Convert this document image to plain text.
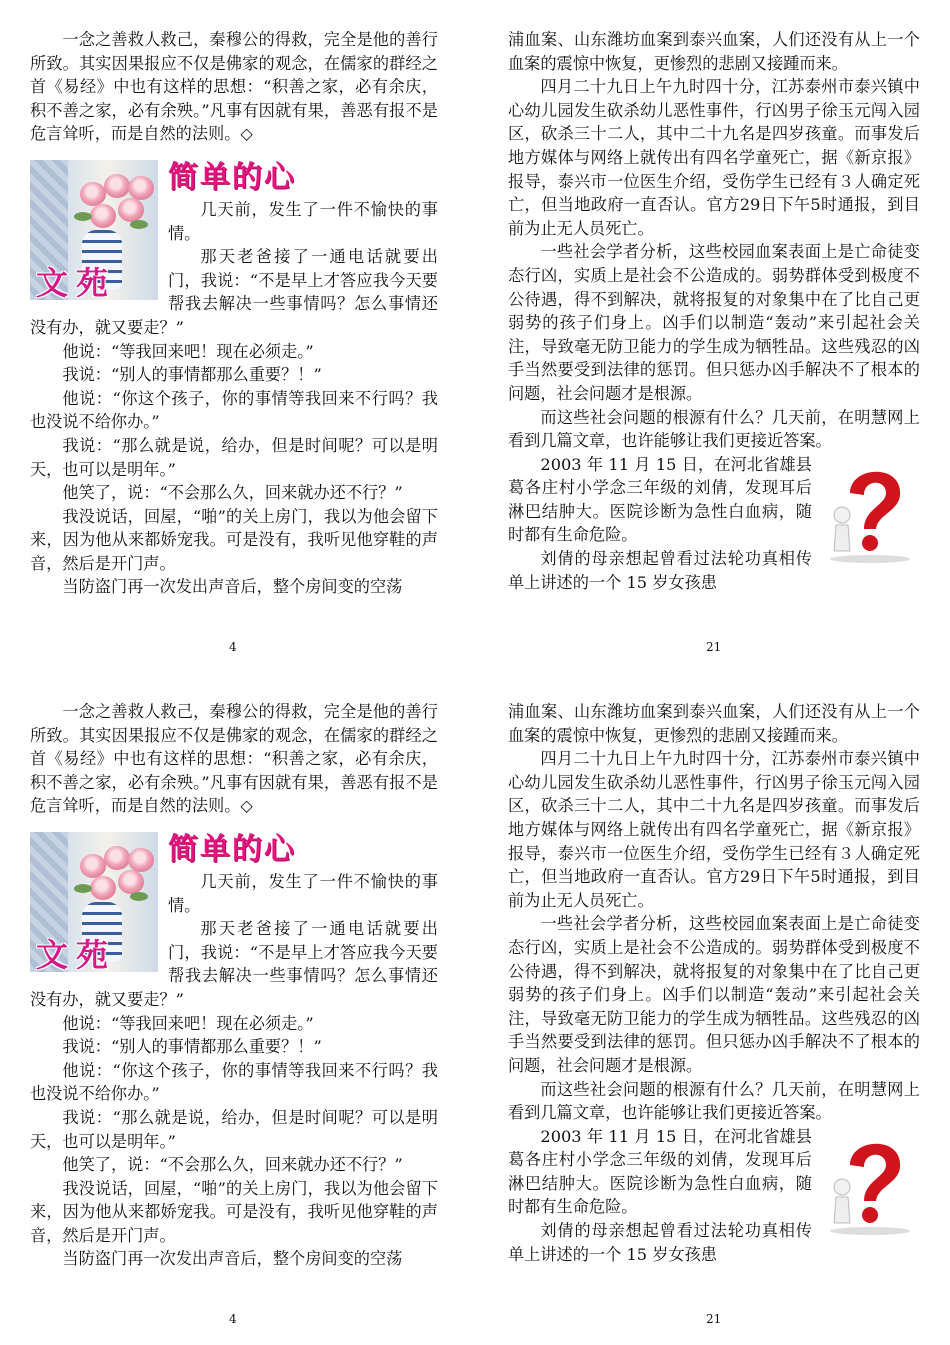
一念之善救人救己，秦穆公的得救，完全是他的善行所致。其实因果报应不仅是佛家的观念，在儒家的群经之首《易经》中也有这样的思想：“积善之家，必有余庆，积不善之家，必有余殃。”凡事有因就有果，善恶有报不是危言耸听，而是自然的法则。◇

文苑
简单的心

几天前，发生了一件不愉快的事情。

那天老爸接了一通电话就要出门，我说：“不是早上才答应我今天要帮我去解决一些事情吗？怎么事情还没有办，就又要走？”

他说：“等我回来吧！现在必须走。”

我说：“别人的事情都那么重要？！”

他说：“你这个孩子，你的事情等我回来不行吗？我也没说不给你办。”

我说：“那么就是说，给办，但是时间呢？可以是明天，也可以是明年。”

他笑了，说：“不会那么久，回来就办还不行？”

我没说话，回屋，“啪”的关上房门，我以为他会留下来，因为他从来都娇宠我。可是没有，我听见他穿鞋的声音，然后是开门声。

当防盗门再一次发出声音后，整个房间变的空荡

4

浦血案、山东潍坊血案到泰兴血案，人们还没有从上一个血案的震惊中恢复，更惨烈的悲剧又接踵而来。

四月二十九日上午九时四十分，江苏泰州市泰兴镇中心幼儿园发生砍杀幼儿恶性事件，行凶男子徐玉元闯入园区，砍杀三十二人，其中二十九名是四岁孩童。而事发后地方媒体与网络上就传出有四名学童死亡，据《新京报》报导，泰兴市一位医生介绍，受伤学生已经有３人确定死亡，但当地政府一直否认。官方29日下午5时通报，到目前为止无人员死亡。

一些社会学者分析，这些校园血案表面上是亡命徒变态行凶，实质上是社会不公造成的。弱势群体受到极度不公待遇，得不到解决，就将报复的对象集中在了比自己更弱势的孩子们身上。凶手们以制造“轰动”来引起社会关注，导致毫无防卫能力的学生成为牺牲品。这些残忍的凶手当然要受到法律的惩罚。但只惩办凶手解决不了根本的问题，社会问题才是根源。

而这些社会问题的根源有什么？几天前，在明慧网上看到几篇文章，也许能够让我们更接近答案。

2003 年 11 月 15 日，在河北省雄县葛各庄村小学念三年级的刘倩，发现耳后淋巴结肿大。医院诊断为急性白血病，随时都有生命危险。

刘倩的母亲想起曾看过法轮功真相传单上讲述的一个 15 岁女孩患

21

一念之善救人救己，秦穆公的得救，完全是他的善行所致。其实因果报应不仅是佛家的观念，在儒家的群经之首《易经》中也有这样的思想：“积善之家，必有余庆，积不善之家，必有余殃。”凡事有因就有果，善恶有报不是危言耸听，而是自然的法则。◇

文苑
简单的心

几天前，发生了一件不愉快的事情。

那天老爸接了一通电话就要出门，我说：“不是早上才答应我今天要帮我去解决一些事情吗？怎么事情还没有办，就又要走？”

他说：“等我回来吧！现在必须走。”

我说：“别人的事情都那么重要？！”

他说：“你这个孩子，你的事情等我回来不行吗？我也没说不给你办。”

我说：“那么就是说，给办，但是时间呢？可以是明天，也可以是明年。”

他笑了，说：“不会那么久，回来就办还不行？”

我没说话，回屋，“啪”的关上房门，我以为他会留下来，因为他从来都娇宠我。可是没有，我听见他穿鞋的声音，然后是开门声。

当防盗门再一次发出声音后，整个房间变的空荡

4

浦血案、山东潍坊血案到泰兴血案，人们还没有从上一个血案的震惊中恢复，更惨烈的悲剧又接踵而来。

四月二十九日上午九时四十分，江苏泰州市泰兴镇中心幼儿园发生砍杀幼儿恶性事件，行凶男子徐玉元闯入园区，砍杀三十二人，其中二十九名是四岁孩童。而事发后地方媒体与网络上就传出有四名学童死亡，据《新京报》报导，泰兴市一位医生介绍，受伤学生已经有３人确定死亡，但当地政府一直否认。官方29日下午5时通报，到目前为止无人员死亡。

一些社会学者分析，这些校园血案表面上是亡命徒变态行凶，实质上是社会不公造成的。弱势群体受到极度不公待遇，得不到解决，就将报复的对象集中在了比自己更弱势的孩子们身上。凶手们以制造“轰动”来引起社会关注，导致毫无防卫能力的学生成为牺牲品。这些残忍的凶手当然要受到法律的惩罚。但只惩办凶手解决不了根本的问题，社会问题才是根源。

而这些社会问题的根源有什么？几天前，在明慧网上看到几篇文章，也许能够让我们更接近答案。

2003 年 11 月 15 日，在河北省雄县葛各庄村小学念三年级的刘倩，发现耳后淋巴结肿大。医院诊断为急性白血病，随时都有生命危险。

刘倩的母亲想起曾看过法轮功真相传单上讲述的一个 15 岁女孩患

21
